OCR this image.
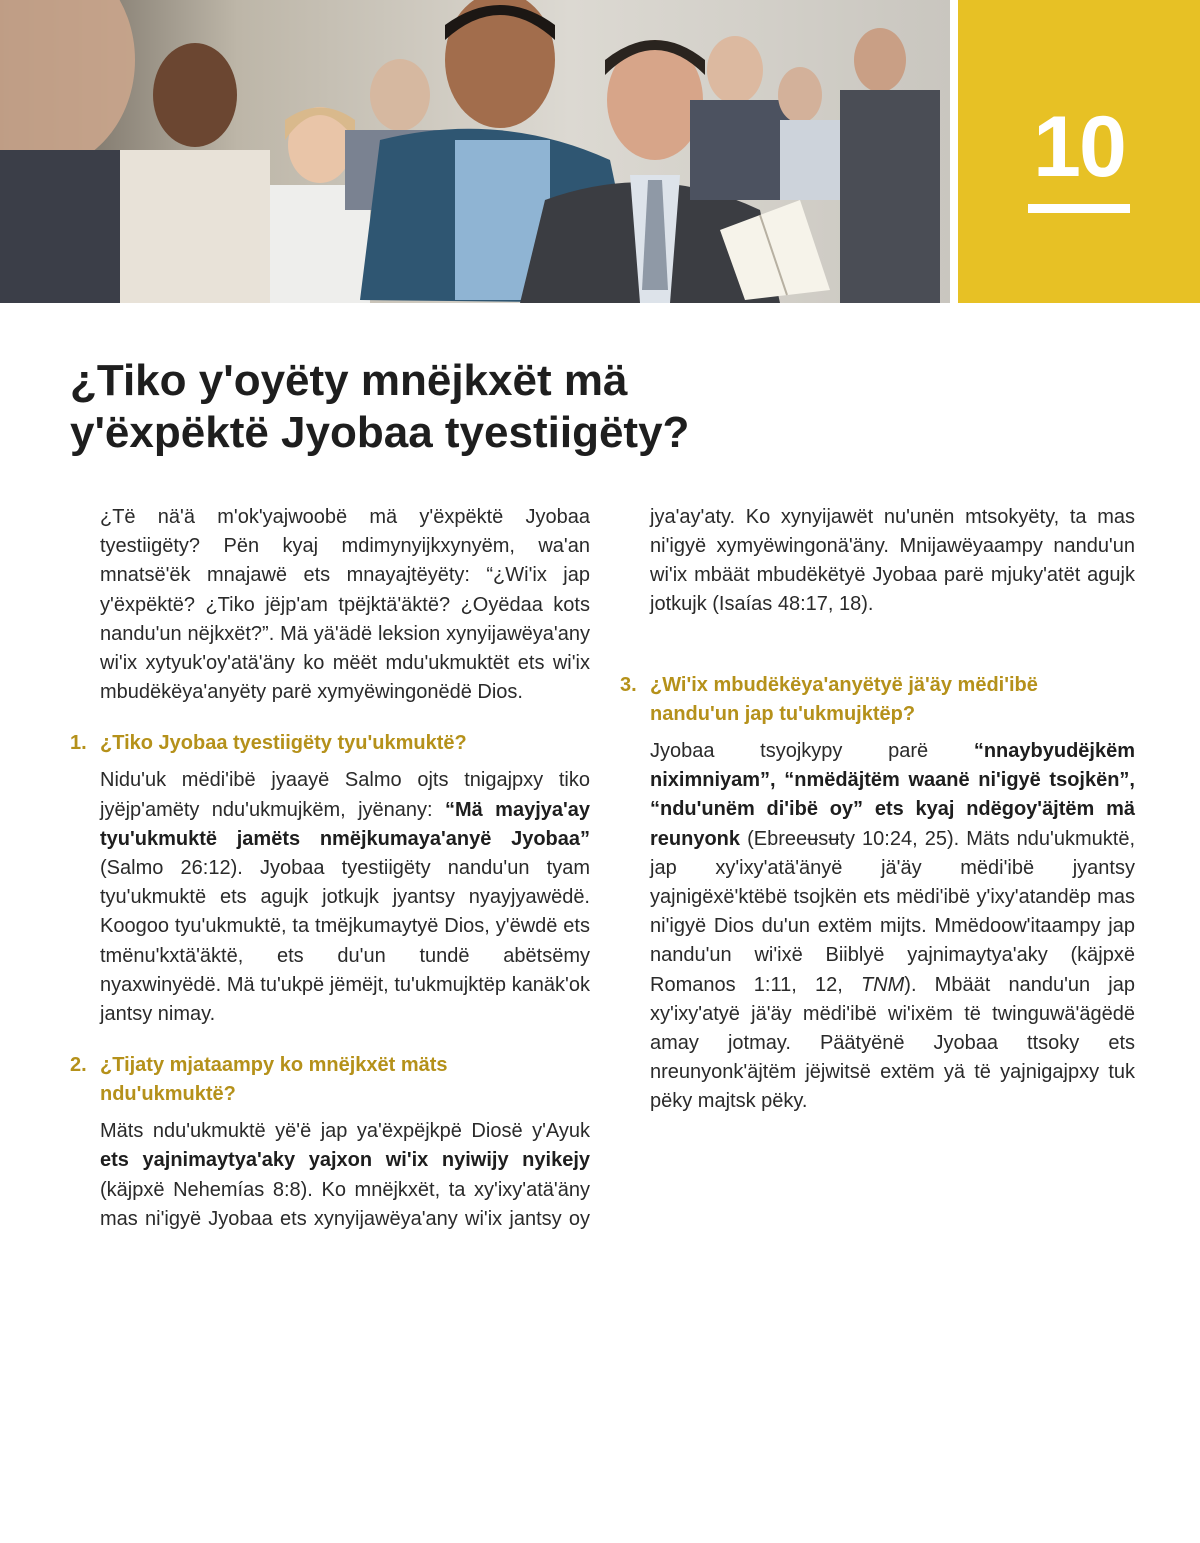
10
¿Tiko y'oyëty mnëjkxët mä
y'ëxpëktë Jyobaa tyestiigëty?

¿Të nä'ä m'ok'yajwoobë mä y'ëxpëktë Jyobaa tyestiigëty? Pën kyaj mdimynyijkxynyëm, wa'an mnatsë'ëk mnajawë ets mnayajtëyëty: “¿Wi'ix jap y'ëxpëktë? ¿Tiko jëjp'am tpëjktä'äktë? ¿Oyëdaa kots nandu'un nëjkxët?”. Mä yä'ädë leksion xynyijawëya'any wi'ix xytyuk'oy'atä'äny ko mëët mdu'ukmuktët ets wi'ix mbudëkëya'anyëty parë xymyëwingonëdë Dios.

1. ¿Tiko Jyobaa tyestiigëty tyu'ukmuktë?

Nidu'uk mëdi'ibë jyaayë Salmo ojts tnigajpxy tiko jyëjp'amëty ndu'ukmujkëm, jyënany: “Mä mayjya'ay tyu'ukmuktë jamëts nmëjkumaya'anyë Jyobaa” (Salmo 26:12). Jyobaa tyestiigëty nandu'un tyam tyu'ukmuktë ets agujk jotkujk jyantsy nyayjyawëdë. Koogoo tyu'ukmuktë, ta tmëjkumaytyë Dios, y'ëwdë ets tmënu'kxtä'äktë, ets du'un tundë abëtsëmy nyaxwinyëdë. Mä tu'ukpë jëmëjt, tu'ukmujktëp kanäk'ok jantsy nimay.

2. ¿Tijaty mjataampy ko mnëjkxët mäts
ndu'ukmuktë?

Mäts ndu'ukmuktë yë'ë jap ya'ëxpëjkpë Diosë y'Ayuk ets yajnimaytya'aky yajxon wi'ix nyiwijy nyikejy (käjpxë Nehemías 8:8). Ko mnëjkxët, ta xy'ixy'atä'äny mas ni'igyë Jyobaa ets xynyijawëya'any wi'ix jantsy oy

jya'ay'aty. Ko xynyijawët nu'unën mtsokyëty, ta mas ni'igyë xymyëwingonä'äny. Mnijawëyaampy nandu'un wi'ix mbäät mbudëkëtyë Jyobaa parë mjuky'atët agujk jotkujk (Isaías 48:17, 18).

3. ¿Wi'ix mbudëkëya'anyëtyë jä'äy mëdi'ibë
nandu'un jap tu'ukmujktëp?

Jyobaa tsyojkypy parë “nnaybyudëjkëm niximniyam”, “nmëdäjtëm waanë ni'igyë tsojkën”, “ndu'unëm di'ibë oy” ets kyaj ndëgoy'äjtëm mä reunyonk (Ebreeʉsʉty 10:24, 25). Mäts ndu'ukmuktë, jap xy'ixy'atä'änyë jä'äy mëdi'ibë jyantsy yajnigëxë'ktëbë tsojkën ets mëdi'ibë y'ixy'atandëp mas ni'igyë Dios du'un extëm mijts. Mmëdoow'itaampy jap nandu'un wi'ixë Biiblyë yajnimaytya'aky (käjpxë Romanos 1:11, 12, TNM). Mbäät nandu'un jap xy'ixy'atyë jä'äy mëdi'ibë wi'ixëm të twinguwä'ägëdë amay jotmay. Päätyënë Jyobaa ttsoky ets nreunyonk'äjtëm jëjwitsë extëm yä të yajnigajpxy tuk pëky majtsk pëky.
